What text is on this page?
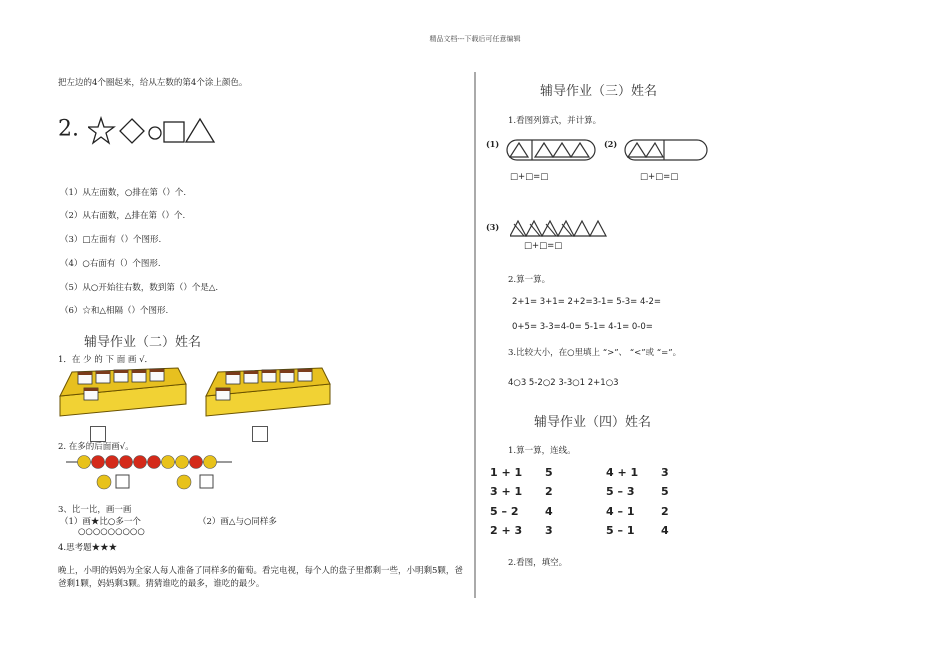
精品文档---下载后可任意编辑
把左边的4个圈起来，给从左数的第4个涂上颜色。
2.
（1）从左面数，○排在第（）个.
（2）从右面数，△排在第（）个.
（3）□左面有（）个图形.
（4）○右面有（）个图形.
（5）从○开始往右数，数到第（）个是△.
（6）☆和△相隔（）个图形.
辅导作业（二）姓名
1．在 少 的 下 面 画 √．
2. 在多的后面画√。
3、比一比，画一画
（1）画★比○多一个	（2）画△与○同样多
○○○○○○○○○
4.思考题★★★
晚上，小明的妈妈为全家人每人准备了同样多的葡萄。看完电视，每个人的盘子里都剩一些，小明剩5颗，爸
爸剩1颗，妈妈剩3颗。猜猜谁吃的最多，谁吃的最少。
辅导作业（三）姓名
1.看图列算式，并计算。
(1)
□+□=□
(2)
□+□=□
(3)
□+□=□
2.算一算。
2+1= 3+1= 2+2=3-1= 5-3= 4-2=
0+5= 3-3=4-0= 5-1= 4-1= 0-0=
3.比较大小，在○里填上 “>”、 “<”或 “=”。
4○3 5-2○2 3-3○1 2+1○3
辅导作业（四）姓名
1.算一算，连线。
1 + 1
3 + 1
5 – 2
2 + 3
5
2
4
3
4 + 1
5 – 3
4 – 1
5 – 1
3
5
2
4
2.看图，填空。
